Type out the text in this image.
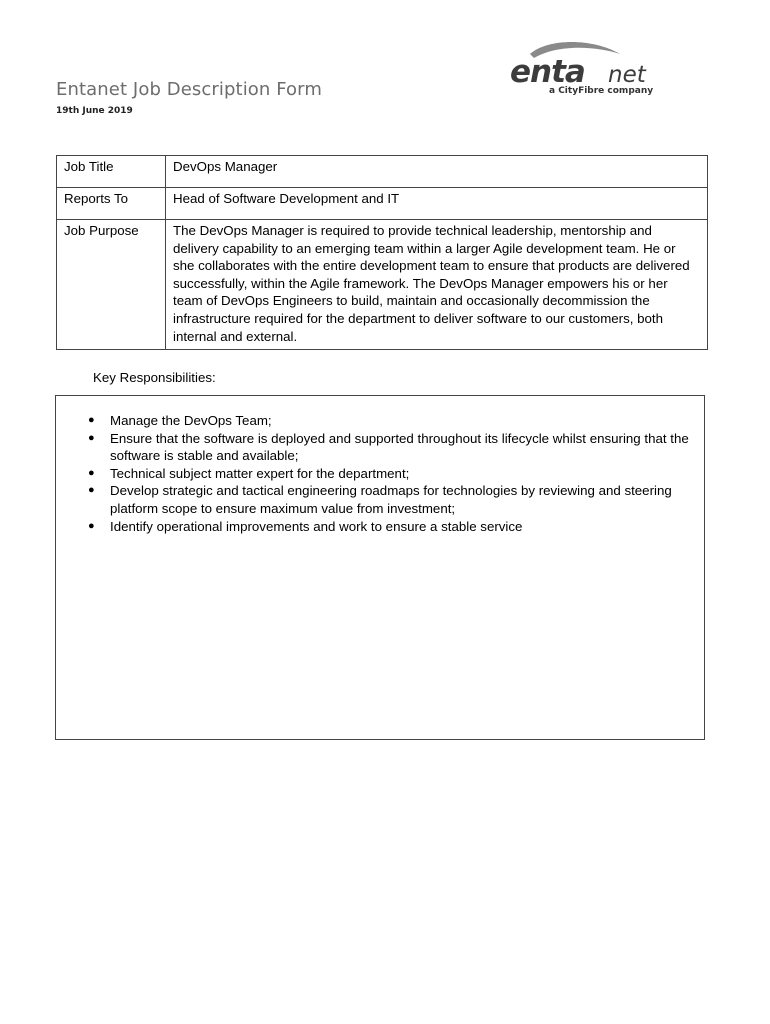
Entanet Job Description Form
19th June 2019
enta net
a CityFibre company
Job Title	DevOps Manager
Reports To	Head of Software Development and IT
Job Purpose	The DevOps Manager is required to provide technical leadership, mentorship and delivery capability to an emerging team within a larger Agile development team. He or she collaborates with the entire development team to ensure that products are delivered successfully, within the Agile framework. The DevOps Manager empowers his or her team of DevOps Engineers to build, maintain and occasionally decommission the infrastructure required for the department to deliver software to our customers, both internal and external.
Key Responsibilities:
● Manage the DevOps Team;
● Ensure that the software is deployed and supported throughout its lifecycle whilst ensuring that the software is stable and available;
● Technical subject matter expert for the department;
● Develop strategic and tactical engineering roadmaps for technologies by reviewing and steering platform scope to ensure maximum value from investment;
● Identify operational improvements and work to ensure a stable service
